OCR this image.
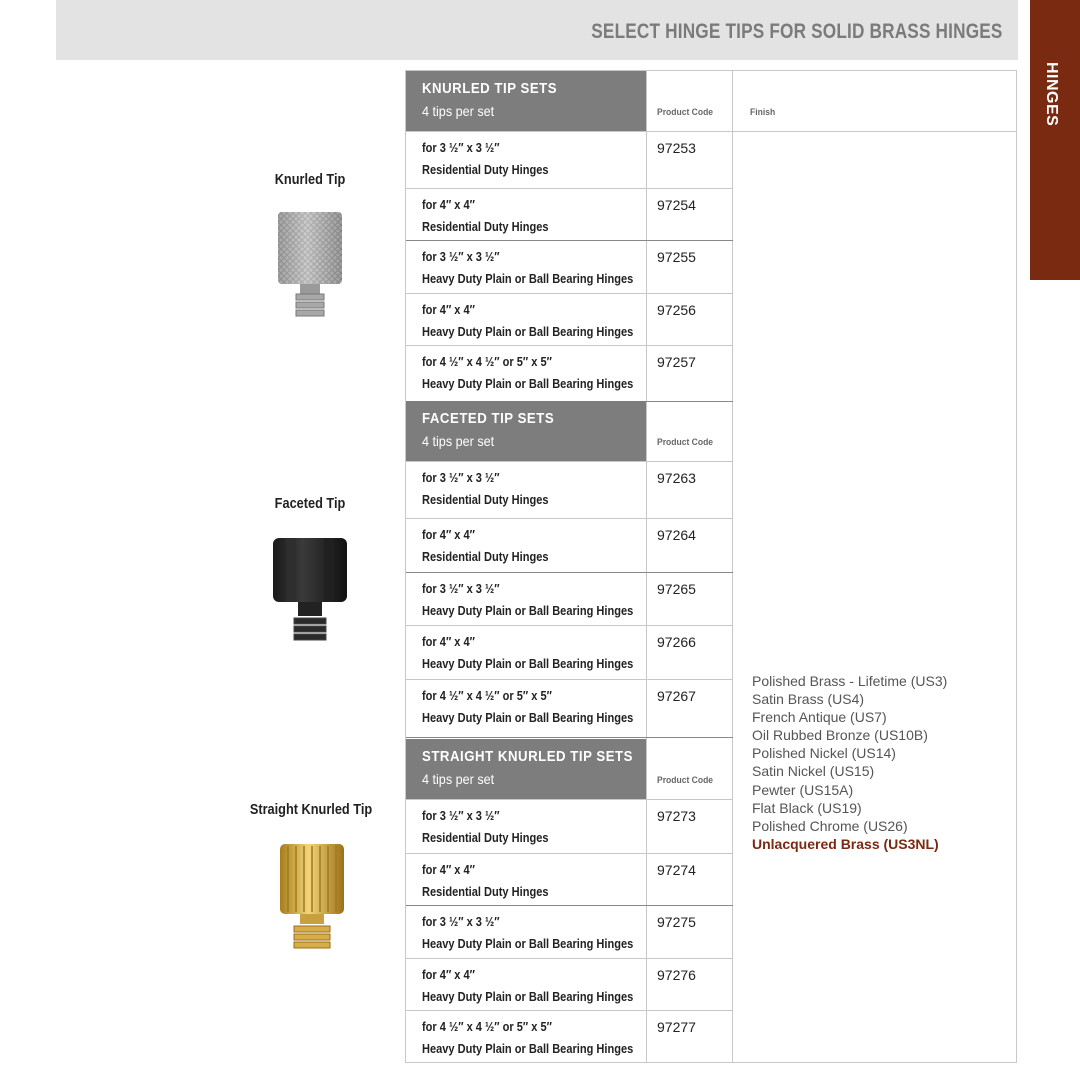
SELECT HINGE TIPS FOR SOLID BRASS HINGES
HINGES
Knurled Tip
Faceted Tip
Straight Knurled Tip
Finish
KNURLED TIP SETS
4 tips per set	Product Code
for 3 ½″ x 3 ½″
Residential Duty Hinges
97253
for 4″ x 4″
Residential Duty Hinges
97254
for 3 ½″ x 3 ½″
Heavy Duty Plain or Ball Bearing Hinges
97255
for 4″ x 4″
Heavy Duty Plain or Ball Bearing Hinges
97256
for 4 ½″ x 4 ½″ or 5″ x 5″
Heavy Duty Plain or Ball Bearing Hinges
97257
FACETED TIP SETS
4 tips per set	Product Code
for 3 ½″ x 3 ½″
Residential Duty Hinges
97263
for 4″ x 4″
Residential Duty Hinges
97264
for 3 ½″ x 3 ½″
Heavy Duty Plain or Ball Bearing Hinges
97265
for 4″ x 4″
Heavy Duty Plain or Ball Bearing Hinges
97266
for 4 ½″ x 4 ½″ or 5″ x 5″
Heavy Duty Plain or Ball Bearing Hinges
97267
STRAIGHT KNURLED TIP SETS
4 tips per set	Product Code
for 3 ½″ x 3 ½″
Residential Duty Hinges
97273
for 4″ x 4″
Residential Duty Hinges
97274
for 3 ½″ x 3 ½″
Heavy Duty Plain or Ball Bearing Hinges
97275
for 4″ x 4″
Heavy Duty Plain or Ball Bearing Hinges
97276
for 4 ½″ x 4 ½″ or 5″ x 5″
Heavy Duty Plain or Ball Bearing Hinges
97277
Polished Brass - Lifetime (US3)
Satin Brass (US4)
French Antique (US7)
Oil Rubbed Bronze (US10B)
Polished Nickel (US14)
Satin Nickel (US15)
Pewter (US15A)
Flat Black (US19)
Polished Chrome (US26)
Unlacquered Brass (US3NL)
